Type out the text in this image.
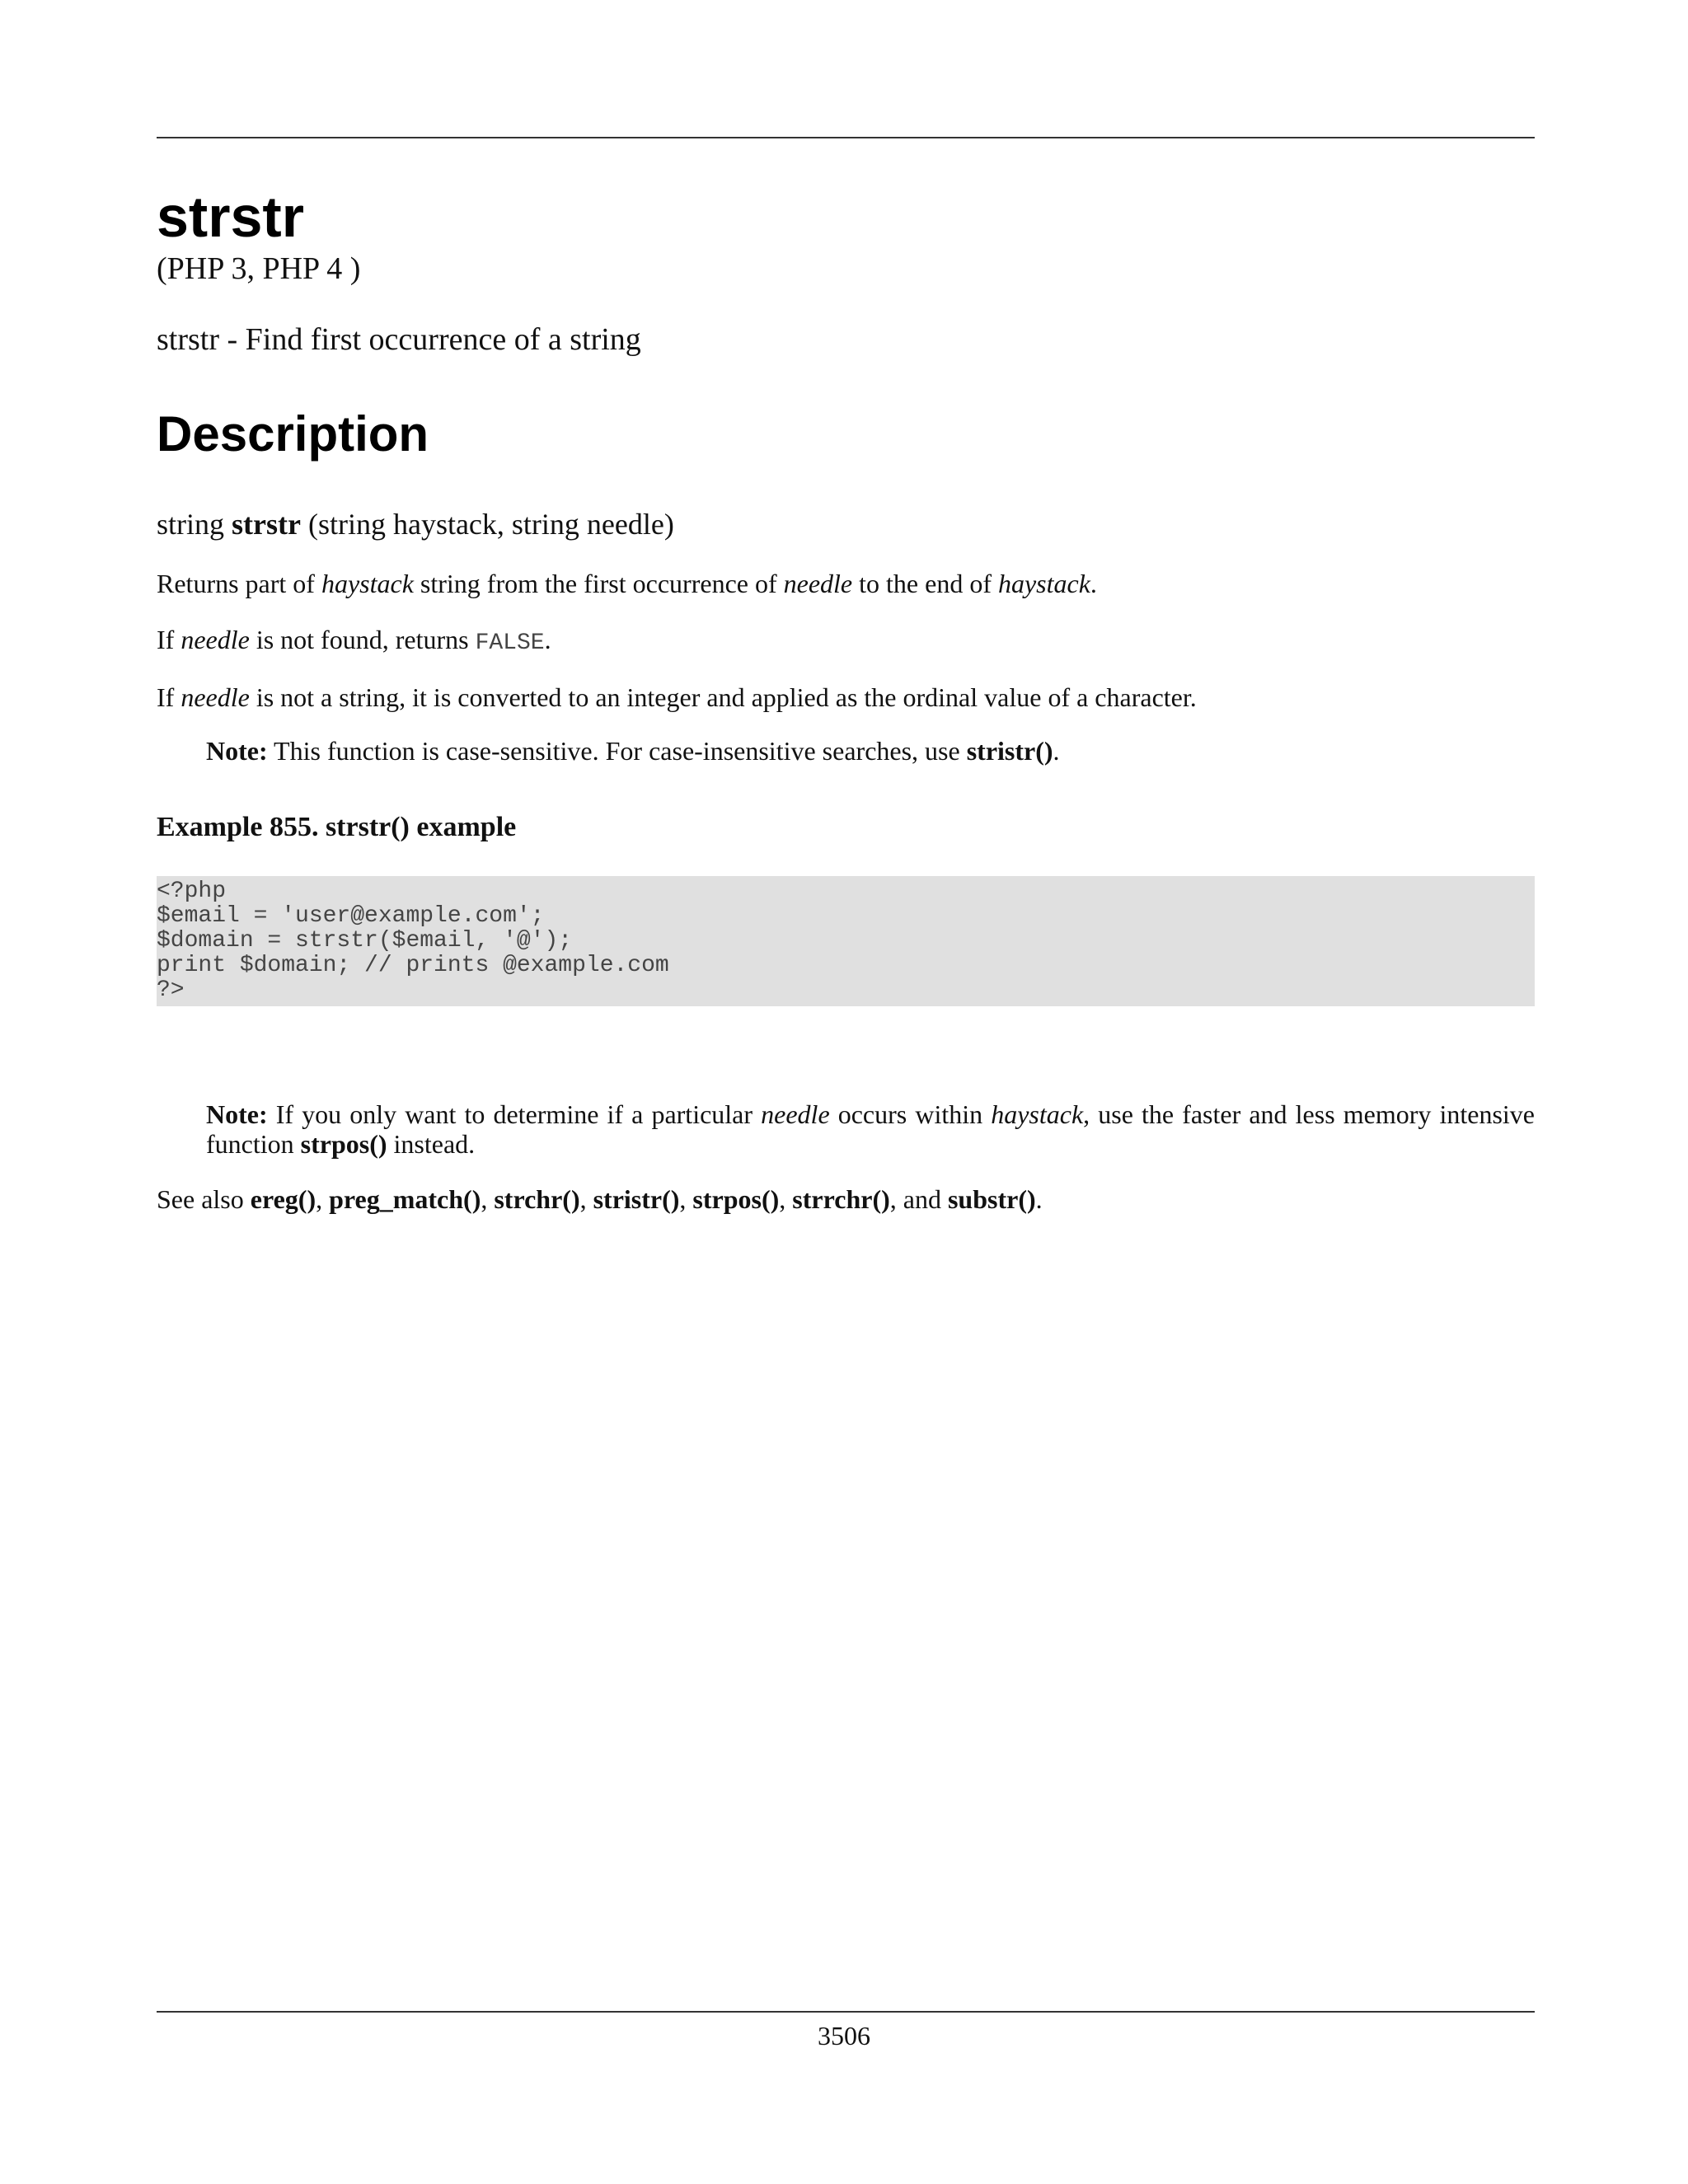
strstr
(PHP 3, PHP 4 )
strstr - Find first occurrence of a string
Description
string strstr (string haystack, string needle)

Returns part of haystack string from the first occurrence of needle to the end of haystack.

If needle is not found, returns FALSE.

If needle is not a string, it is converted to an integer and applied as the ordinal value of a character.

Note: This function is case-sensitive. For case-insensitive searches, use stristr().
Example 855. strstr() example
<?php
$email = 'user@example.com';
$domain = strstr($email, '@');
print $domain; // prints @example.com
?>
Note: If you only want to determine if a particular needle occurs within haystack, use the faster and less memory intensive function strpos() instead.

See also ereg(), preg_match(), strchr(), stristr(), strpos(), strrchr(), and substr().

3506
